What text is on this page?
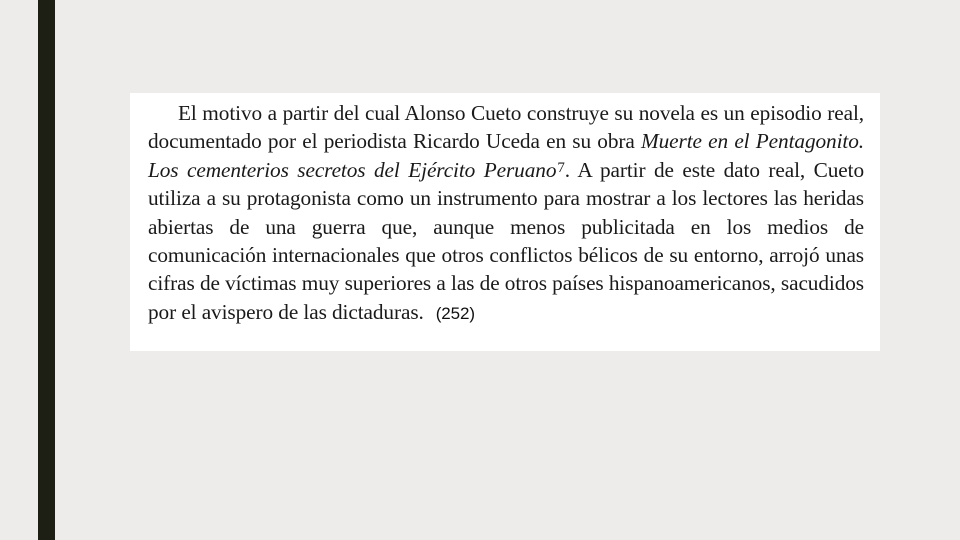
El motivo a partir del cual Alonso Cueto construye su novela es un episodio real, documentado por el periodista Ricardo Uceda en su obra Muerte en el Pentagonito. Los cementerios secretos del Ejército Peruano$^7$. A partir de este dato real, Cueto utiliza a su protagonista como un instrumento para mostrar a los lectores las heridas abiertas de una guerra que, aunque menos publicitada en los medios de comunicación internacionales que otros conflictos bélicos de su entorno, arrojó unas cifras de víctimas muy superiores a las de otros países hispanoamericanos, sacudidos por el avispero de las dictaduras. (252)
